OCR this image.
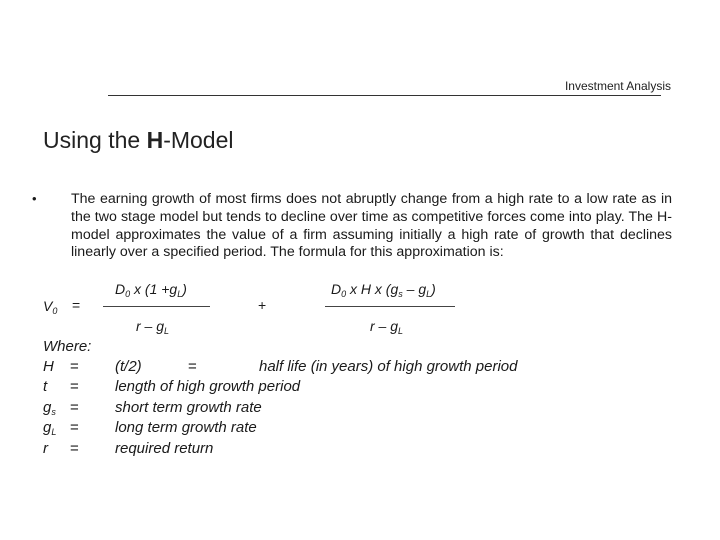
Investment Analysis
Using the H-Model
• The earning growth of most firms does not abruptly change from a high rate to a low rate as in the two stage model but tends to decline over time as competitive forces come into play. The H-model approximates the value of a firm assuming initially a high rate of growth that declines linearly over a specified period. The formula for this approximation is:
$V_0$ =
$D_0$ x $(1 +g_L)$
r – $g_L$
+
$D_0$ x H x $(g_s - g_L)$
r – $g_L$
Where:
H	= (t/2)	=	half life (in years) of high growth period
t	= length of high growth period
$g_s$ = short term growth rate
$g_L$ = long term growth rate
r	= required return
